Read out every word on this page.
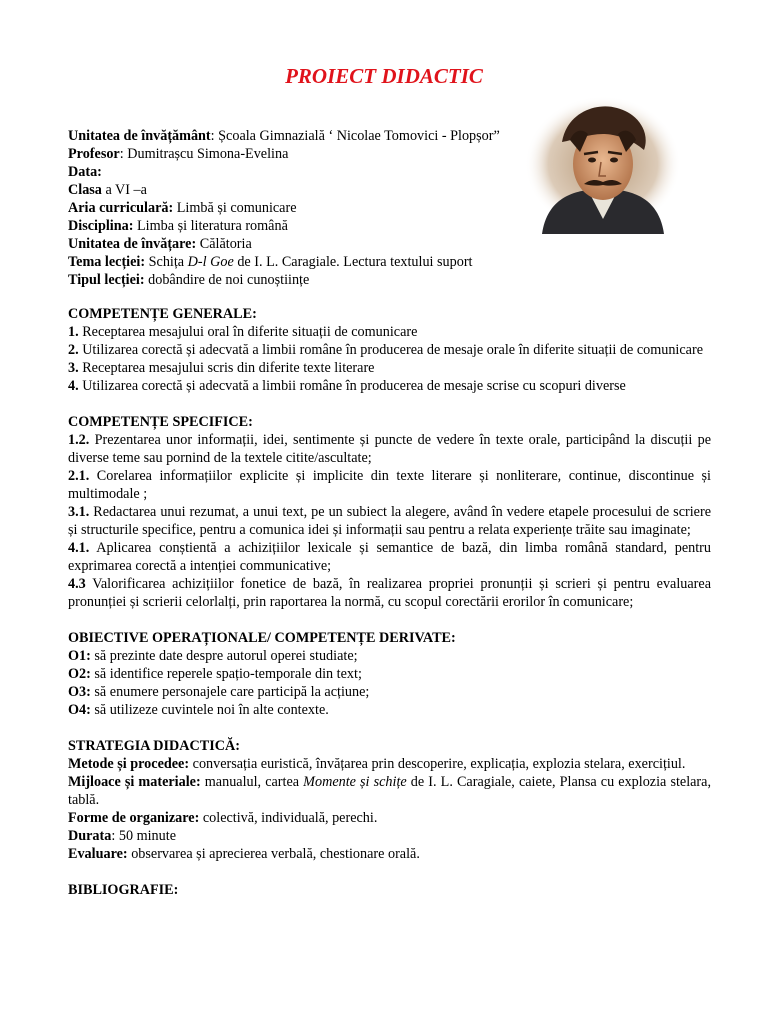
PROIECT DIDACTIC

Unitatea de învățământ: Școala Gimnazială ‘ Nicolae Tomovici - Plopșor”

Profesor: Dumitrașcu Simona-Evelina

Data:

Clasa a VI –a

Aria curriculară: Limbă și comunicare

Disciplina: Limba și literatura română

Unitatea de învățare: Călătoria

Tema lecției: Schița D-l Goe de I. L. Caragiale. Lectura textului suport

Tipul lecției: dobândire de noi cunoștiințe

COMPETENȚE GENERALE:

1. Receptarea mesajului oral în diferite situații de comunicare

2. Utilizarea corectă și adecvată a limbii române în producerea de mesaje orale în diferite situații de comunicare

3. Receptarea mesajului scris din diferite texte literare

4. Utilizarea corectă și adecvată a limbii române în producerea de mesaje scrise cu scopuri diverse

COMPETENȚE SPECIFICE:

1.2. Prezentarea unor informații, idei, sentimente și puncte de vedere în texte orale, participând la discuții pe diverse teme sau pornind de la textele citite/ascultate;

2.1. Corelarea informațiilor explicite și implicite din texte literare și nonliterare, continue, discontinue și multimodale ;

3.1. Redactarea unui rezumat, a unui text, pe un subiect la alegere, având în vedere etapele procesului de scriere și structurile specifice, pentru a comunica idei și informații sau pentru a relata experiențe trăite sau imaginate;

4.1. Aplicarea conștientă a achizițiilor lexicale și semantice de bază, din limba română standard, pentru exprimarea corectă a intenției communicative;

4.3 Valorificarea achizițiilor fonetice de bază, în realizarea propriei pronunții și scrieri și pentru evaluarea pronunției și scrierii celorlalți, prin raportarea la normă, cu scopul corectării erorilor în comunicare;

OBIECTIVE OPERAȚIONALE/ COMPETENȚE DERIVATE:

O1: să prezinte date despre autorul operei studiate;

O2: să identifice reperele spațio-temporale din text;

O3: să enumere personajele care participă la acțiune;

O4: să utilizeze cuvintele noi în alte contexte.

STRATEGIA DIDACTICĂ:

Metode și procedee: conversația euristică, învățarea prin descoperire, explicația, explozia stelara, exercițiul.

Mijloace și materiale: manualul, cartea Momente și schițe de I. L. Caragiale, caiete, Plansa cu explozia stelara, tablă.

Forme de organizare: colectivă, individuală, perechi.

Durata: 50 minute

Evaluare: observarea și aprecierea verbală, chestionare orală.

BIBLIOGRAFIE:
